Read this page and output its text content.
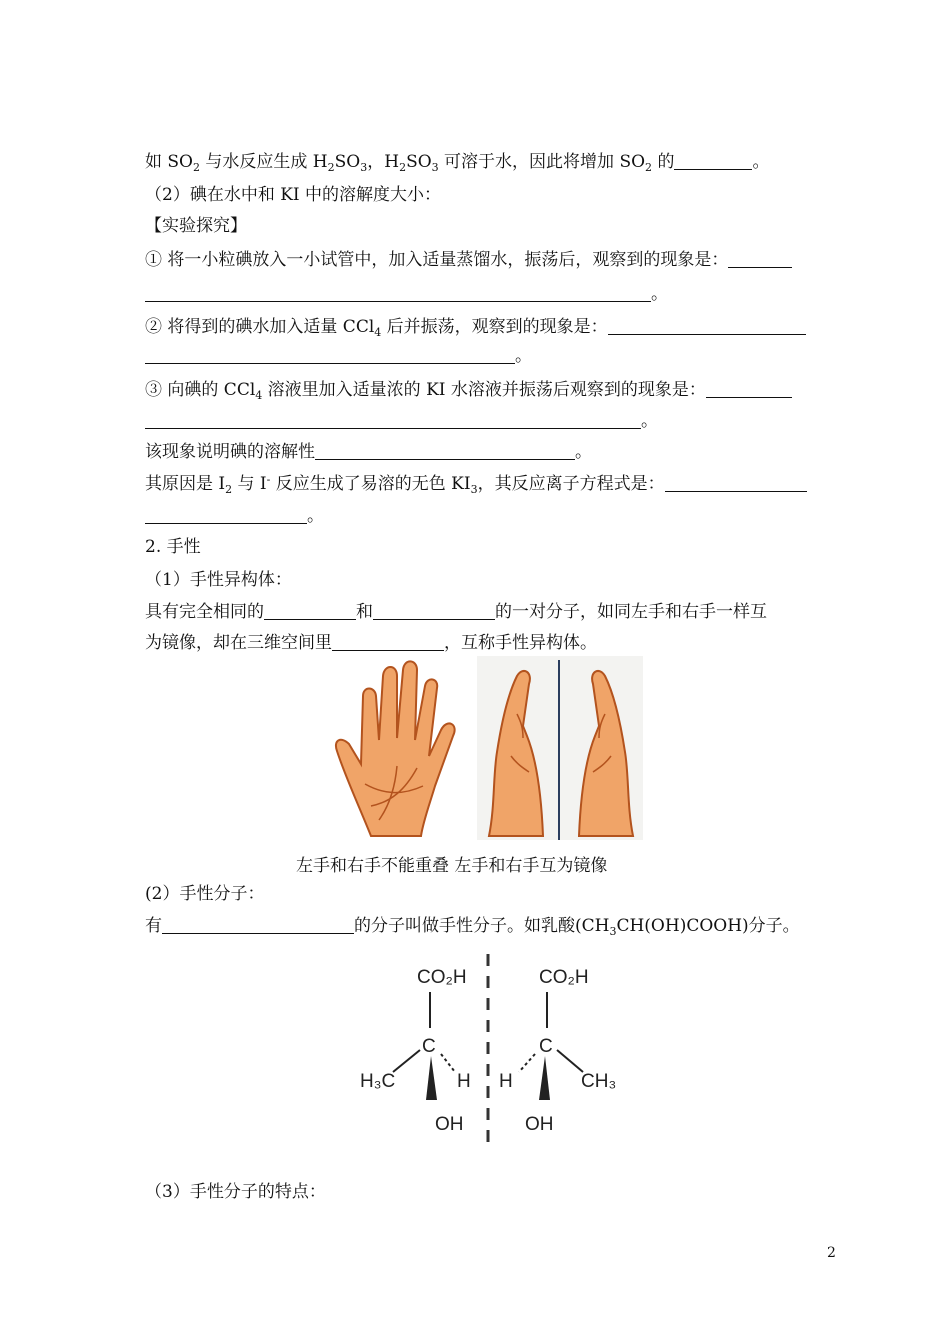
如 $SO_2$ 与水反应生成 $H_2SO_3$，$H_2SO_3$ 可溶于水，因此将增加 $SO_2$ 的	。
（2）碘在水中和 KI 中的溶解度大小：
【实验探究】
① 将一小粒碘放入一小试管中，加入适量蒸馏水，振荡后，观察到的现象是：
。
② 将得到的碘水加入适量 CCl$_4$ 后并振荡，观察到的现象是：
。
③ 向碘的 CCl$_4$ 溶液里加入适量浓的 KI 水溶液并振荡后观察到的现象是：
。
该现象说明碘的溶解性	。
其原因是 $I_2$ 与 I- 反应生成了易溶的无色 $KI_3$，其反应离子方程式是：
。
2. 手性
（1）手性异构体：
具有完全相同的	和	的一对分子，如同左手和右手一样互
为镜像，却在三维空间里	，互称手性异构体。
左手和右手不能重叠 左手和右手互为镜像
(2）手性分子：
有	的分子叫做手性分子。如乳酸$(CH_3CH(OH)COOH)$分子。
CO₂H
C
H₃C	H
OH
CO₂H
C
H	CH₃
OH
（3）手性分子的特点：
2
